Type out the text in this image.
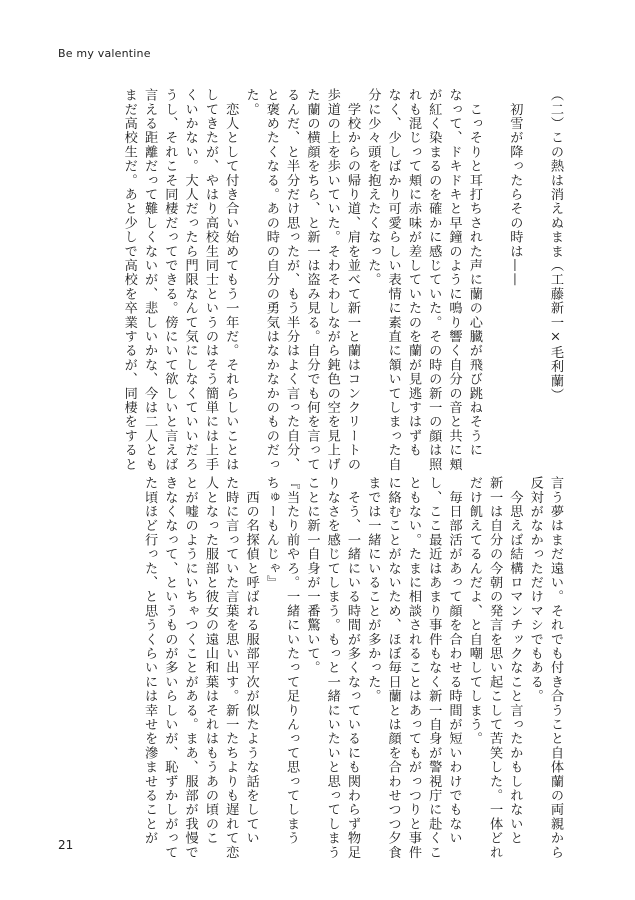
Be my valentine

（二）この熱は消えぬまま（工藤新一×毛利蘭）

　初雪が降ったらその時は——

　こっそりと耳打ちされた声に蘭の心臓が飛び跳ねそうに

なって、ドキドキと早鐘のように鳴り響く自分の音と共に頬

が紅く染まるのを確かに感じていた。その時の新一の顔は照

れも混じって頬に赤味が差していたのを蘭が見逃すはずも

なく、少しばかり可愛らしい表情に素直に頷いてしまった自

分に少々頭を抱えたくなった。

　学校からの帰り道、肩を並べて新一と蘭はコンクリートの

歩道の上を歩いていた。そわそわしながら鈍色の空を見上げ

た蘭の横顔をちら、と新一は盗み見る。自分でも何を言って

るんだ、と半分だけ思ったが、もう半分はよく言った自分、

と褒めたくなる。あの時の自分の勇気はなかなかのものだっ

た。

　恋人として付き合い始めてもう一年だ。それらしいことは

してきたが、やはり高校生同士というのはそう簡単には上手

くいかない。大人だったら門限なんて気にしなくていいだろ

うし、それこそ同棲だってできる。傍にいて欲しいと言えば

言える距離だって難しくないが、悲しいかな、今は二人とも

まだ高校生だ。あと少しで高校を卒業するが、同棲をすると

言う夢はまだ遠い。それでも付き合うこと自体蘭の両親から

反対がなかっただけマシでもある。

　今思えば結構ロマンチックなこと言ったかもしれないと

新一は自分の今朝の発言を思い起こして苦笑した。一体どれ

だけ飢えてるんだよ、と自嘲してしまう。

　毎日部活があって顔を合わせる時間が短いわけでもない

し、ここ最近はあまり事件もなく新一自身が警視庁に赴くこ

ともない。たまに相談されることはあってもがっつりと事件

に絡むことがないため、ほぼ毎日蘭とは顔を合わせつつ夕食

までは一緒にいることが多かった。

　そう、一緒にいる時間が多くなっているにも関わらず物足

りなさを感じてしまう。もっと一緒にいたいと思ってしまう

ことに新一自身が一番驚いて。

『当たり前やろ。一緒にいたって足りんって思ってしまう

ちゅーもんじゃ』

　西の名探偵と呼ばれる服部平次が似たような話をしてい

た時に言っていた言葉を思い出す。新一たちよりも遅れて恋

人となった服部と彼女の遠山和葉はそれはもうあの頃のこ

とが嘘のようにいちゃつくことがある。まあ、服部が我慢で

きなくなって、というものが多いらしいが、恥ずかしがって

た頃ほど行った、と思うくらいには幸せを滲ませることが

21
